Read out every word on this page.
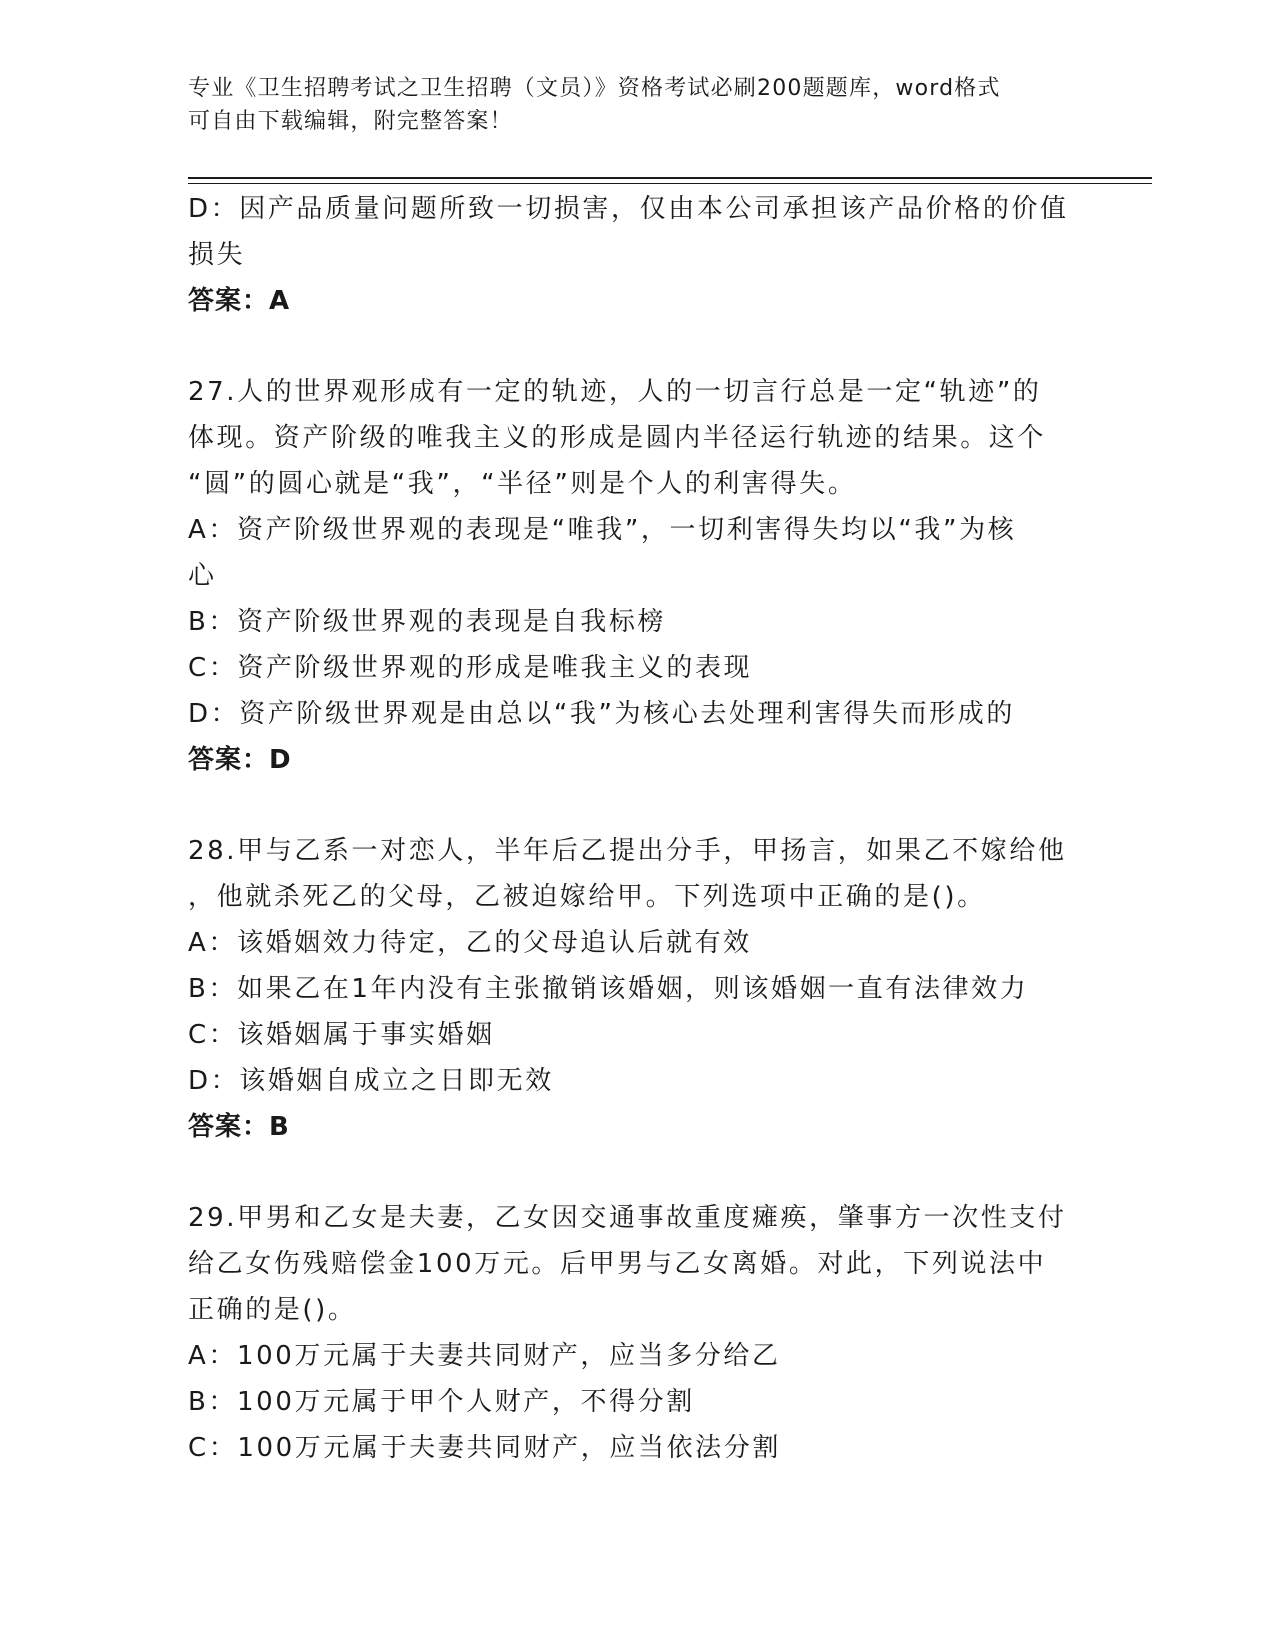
专业《卫生招聘考试之卫生招聘（文员）》资格考试必刷200题题库，word格式
可自由下载编辑，附完整答案！

D：因产品质量问题所致一切损害，仅由本公司承担该产品价格的价值

损失

答案：A

27.人的世界观形成有一定的轨迹，人的一切言行总是一定“轨迹”的

体现。资产阶级的唯我主义的形成是圆内半径运行轨迹的结果。这个

“圆”的圆心就是“我”，“半径”则是个人的利害得失。

A：资产阶级世界观的表现是“唯我”，一切利害得失均以“我”为核

心

B：资产阶级世界观的表现是自我标榜

C：资产阶级世界观的形成是唯我主义的表现

D：资产阶级世界观是由总以“我”为核心去处理利害得失而形成的

答案：D

28.甲与乙系一对恋人，半年后乙提出分手，甲扬言，如果乙不嫁给他

，他就杀死乙的父母，乙被迫嫁给甲。下列选项中正确的是()。

A：该婚姻效力待定，乙的父母追认后就有效

B：如果乙在1年内没有主张撤销该婚姻，则该婚姻一直有法律效力

C：该婚姻属于事实婚姻

D：该婚姻自成立之日即无效

答案：B

29.甲男和乙女是夫妻，乙女因交通事故重度瘫痪，肇事方一次性支付

给乙女伤残赔偿金100万元。后甲男与乙女离婚。对此，下列说法中

正确的是()。

A：100万元属于夫妻共同财产，应当多分给乙

B：100万元属于甲个人财产，不得分割

C：100万元属于夫妻共同财产，应当依法分割
